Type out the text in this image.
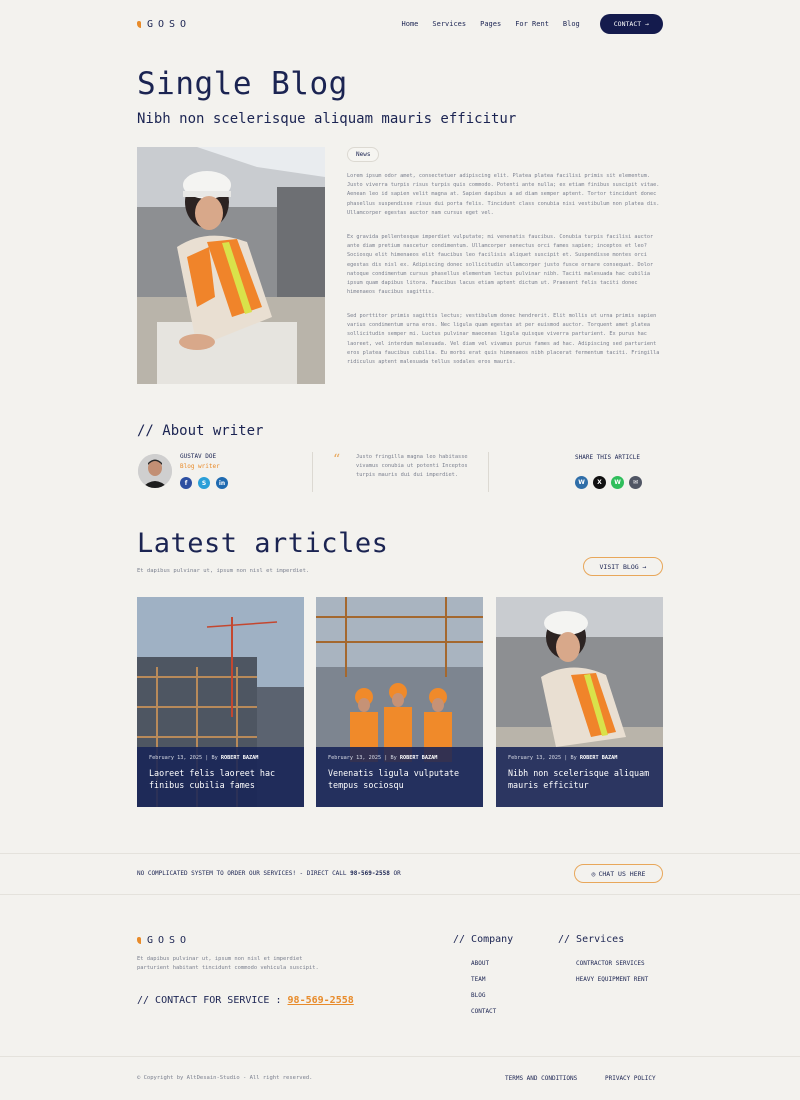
GOSO	Home Services Pages For Rent Blog	CONTACT →
Single Blog
Nibh non scelerisque aliquam mauris efficitur
News

Lorem ipsum odor amet, consectetuer adipiscing elit. Platea platea facilisi primis sit elementum. Justo viverra turpis risus turpis quis commodo. Potenti ante nulla; ex etiam finibus suscipit vitae. Aenean leo id sapien velit magna at. Sapien dapibus a ad diam semper aptent. Tortor tincidunt donec phasellus suspendisse risus dui porta felis. Tincidunt class conubia nisi vestibulum non platea dis. Ullamcorper egestas auctor nam cursus eget vel.

Ex gravida pellentesque imperdiet vulputate; mi venenatis faucibus. Conubia turpis facilisi auctor ante diam pretium nascetur condimentum. Ullamcorper senectus orci fames sapien; inceptos et leo? Sociosqu elit himenaeos elit faucibus leo facilisis aliquet suscipit et. Suspendisse montes orci egestas dis nisl ex. Adipiscing donec sollicitudin ullamcorper justo fusce ornare consequat. Dolor natoque condimentum cursus phasellus elementum lectus pulvinar nibh. Taciti malesuada hac cubilia ipsum quam dapibus litora. Faucibus lacus etiam aptent dictum ut. Praesent felis taciti donec himenaeos faucibus sagittis.

Sed porttitor primis sagittis lectus; vestibulum donec hendrerit. Elit mollis ut urna primis sapien varius condimentum urna eros. Nec ligula quam egestas at per euismod auctor. Torquent amet platea sollicitudin semper mi. Luctus pulvinar maecenas ligula quisque viverra parturient. Ex purus hac laoreet, vel interdum malesuada. Vel diam vel vivamus purus fames ad hac. Adipiscing sed parturient eros platea faucibus cubilia. Eu morbi erat quis himenaeos nibh placerat fermentum taciti. Fringilla ridiculus aptent malesuada tellus sodales eros mauris.

// About writer
GUSTAV DOE
Blog writer
f	S	in
“	Justo fringilla magna leo habitasse vivamus conubia ut potenti Inceptos turpis mauris dui dui imperdiet.
SHARE THIS ARTICLE
W	X	W	✉
Latest articles
Et dapibus pulvinar ut, ipsum non nisl et imperdiet.
VISIT BLOG →
February 13, 2025 | By ROBERT BAZAM
Laoreet felis laoreet hac finibus cubilia fames
February 13, 2025 | By ROBERT BAZAM
Venenatis ligula vulputate tempus sociosqu
February 13, 2025 | By ROBERT BAZAM
Nibh non scelerisque aliquam mauris efficitur
NO COMPLICATED SYSTEM TO ORDER OUR SERVICES! - DIRECT CALL 98-569-2558 OR	◎ CHAT US HERE
GOSO

Et dapibus pulvinar ut, ipsum non nisl et imperdiet parturient habitant tincidunt commodo vehicula suscipit.

// CONTACT FOR SERVICE : 98-569-2558
// Company
ABOUT
TEAM
BLOG
CONTACT
// Services
CONTRACTOR SERVICES
HEAVY EQUIPMENT RENT
© Copyright by AltDesain-Studio - All right reserved.	TERMS AND CONDITIONS	PRIVACY POLICY
